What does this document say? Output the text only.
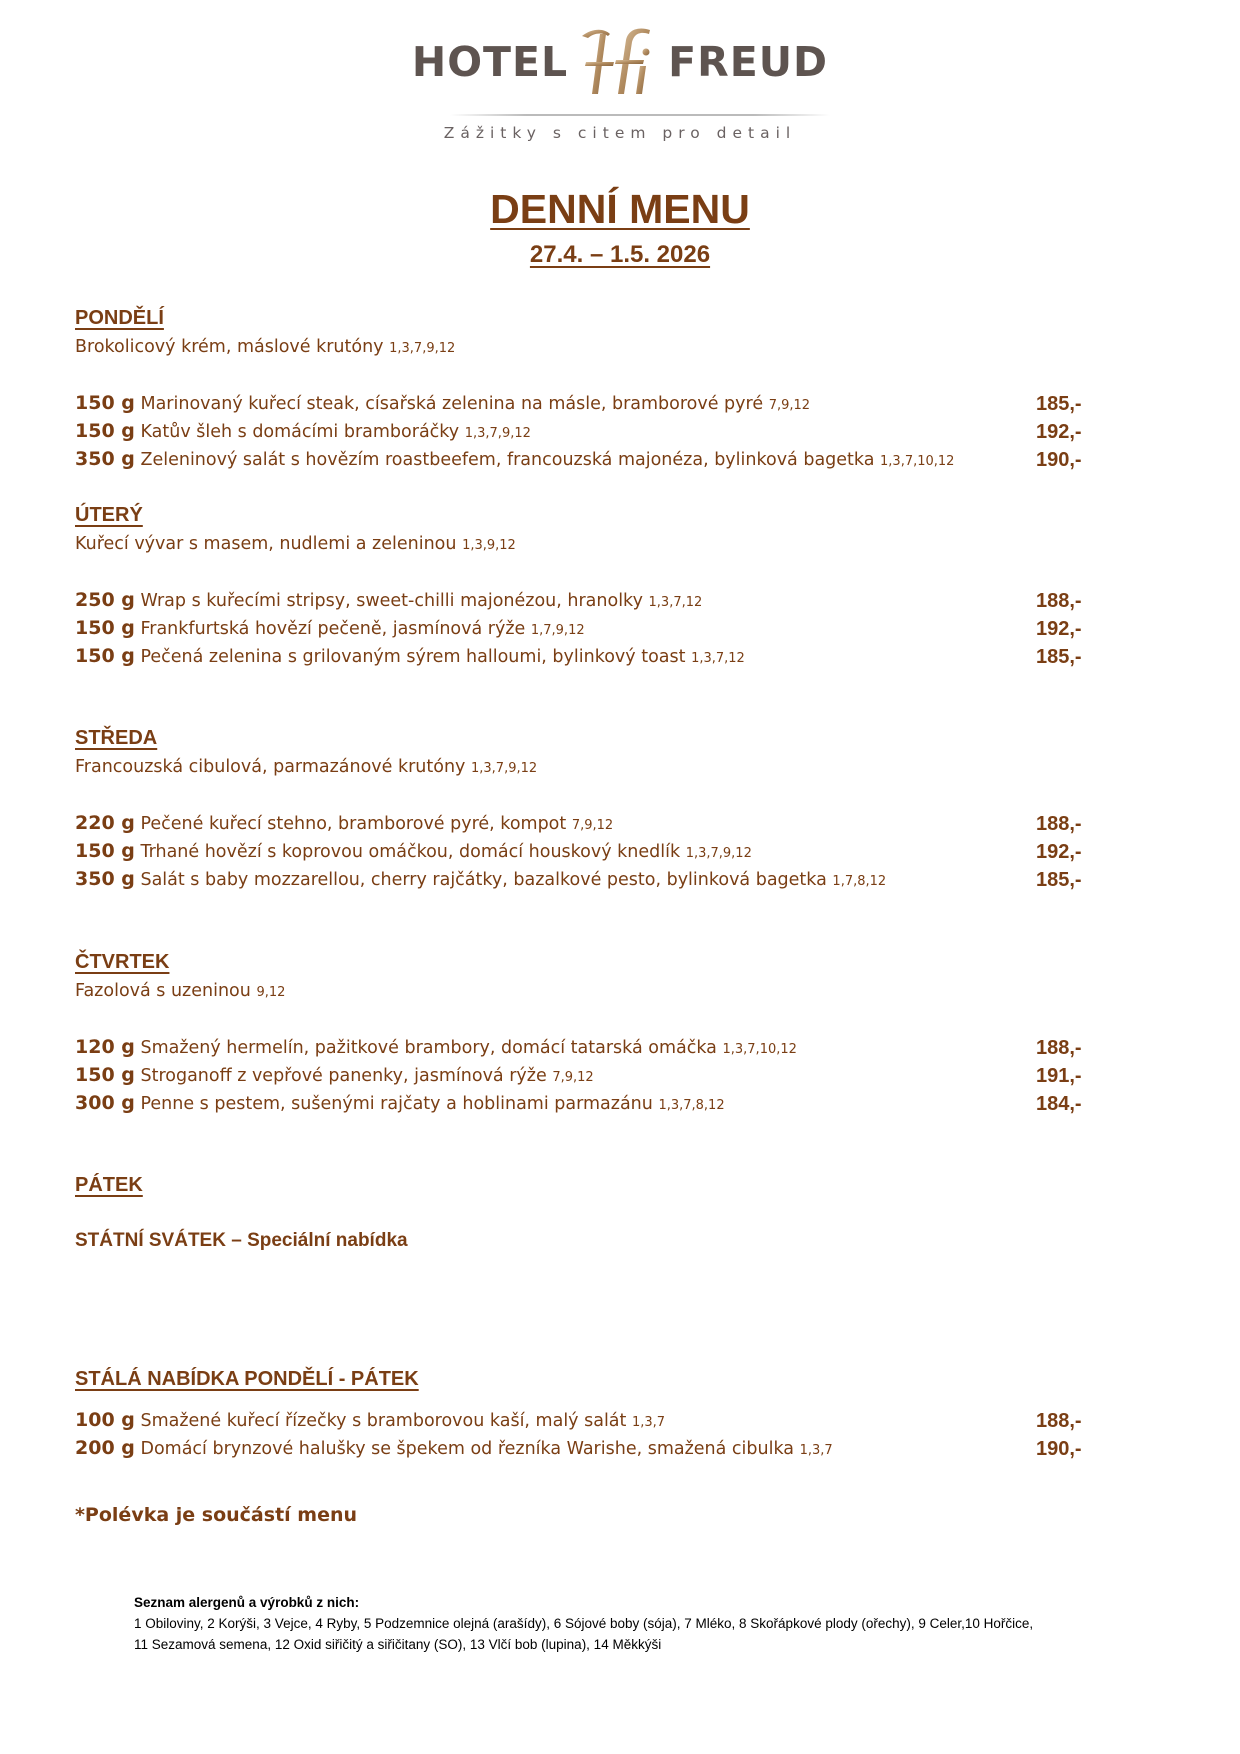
HOTEL FREUD
Zážitky s citem pro detail
DENNÍ MENU
27.4. – 1.5. 2026
PONDĚLÍ
Brokolicový krém, máslové krutóny 1,3,7,9,12
150 g Marinovaný kuřecí steak, císařská zelenina na másle, bramborové pyré 7,9,12	185,-
150 g Katův šleh s domácími bramboráčky 1,3,7,9,12	192,-
350 g Zeleninový salát s hovězím roastbeefem, francouzská majonéza, bylinková bagetka 1,3,7,10,12	190,-
ÚTERÝ
Kuřecí vývar s masem, nudlemi a zeleninou 1,3,9,12
250 g Wrap s kuřecími stripsy, sweet-chilli majonézou, hranolky 1,3,7,12	188,-
150 g Frankfurtská hovězí pečeně, jasmínová rýže 1,7,9,12	192,-
150 g Pečená zelenina s grilovaným sýrem halloumi, bylinkový toast 1,3,7,12	185,-
STŘEDA
Francouzská cibulová, parmazánové krutóny 1,3,7,9,12
220 g Pečené kuřecí stehno, bramborové pyré, kompot 7,9,12	188,-
150 g Trhané hovězí s koprovou omáčkou, domácí houskový knedlík 1,3,7,9,12	192,-
350 g Salát s baby mozzarellou, cherry rajčátky, bazalkové pesto, bylinková bagetka 1,7,8,12	185,-
ČTVRTEK
Fazolová s uzeninou 9,12
120 g Smažený hermelín, pažitkové brambory, domácí tatarská omáčka 1,3,7,10,12	188,-
150 g Stroganoff z vepřové panenky, jasmínová rýže 7,9,12	191,-
300 g Penne s pestem, sušenými rajčaty a hoblinami parmazánu 1,3,7,8,12	184,-
PÁTEK
STÁTNÍ SVÁTEK – Speciální nabídka
STÁLÁ NABÍDKA PONDĚLÍ - PÁTEK
100 g Smažené kuřecí řízečky s bramborovou kaší, malý salát 1,3,7	188,-
200 g Domácí brynzové halušky se špekem od řezníka Warishe, smažená cibulka 1,3,7	190,-
*Polévka je součástí menu
Seznam alergenů a výrobků z nich:
1 Obiloviny, 2 Korýši, 3 Vejce, 4 Ryby, 5 Podzemnice olejná (arašídy), 6 Sójové boby (sója), 7 Mléko, 8 Skořápkové plody (ořechy), 9 Celer,10 Hořčice,
11 Sezamová semena, 12 Oxid siřičitý a siřičitany (SO), 13 Vlčí bob (lupina), 14 Měkkýši
